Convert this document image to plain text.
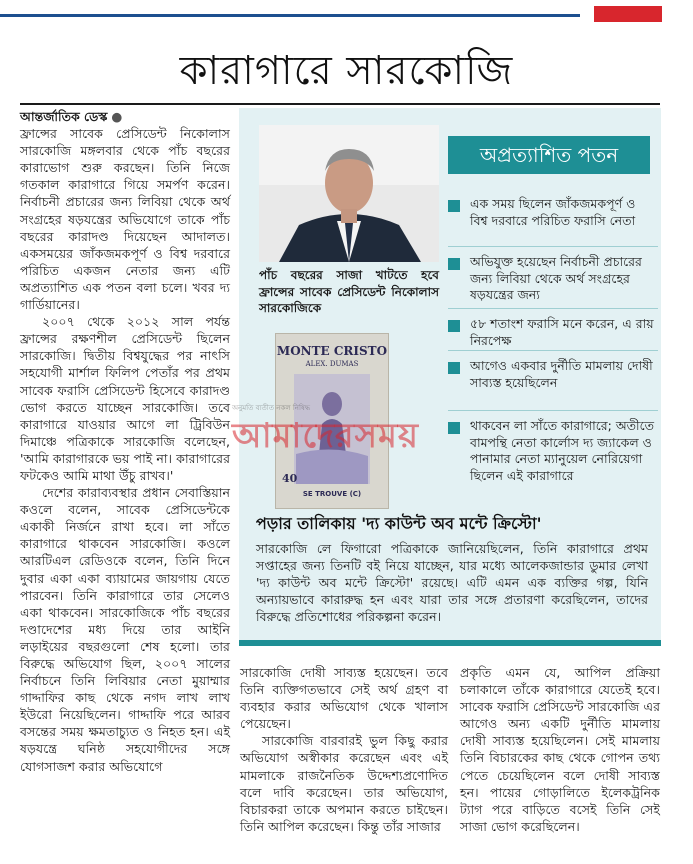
কারাগারে সারকোজি

আন্তর্জাতিক ডেস্ক ●

ফ্রান্সের সাবেক প্রেসিডেন্ট নিকোলাস সারকোজি মঙ্গলবার থেকে পাঁচ বছরের কারাভোগ শুরু করছেন। তিনি নিজে গতকাল কারাগারে গিয়ে সমর্পণ করেন। নির্বাচনী প্রচারের জন্য লিবিয়া থেকে অর্থ সংগ্রহের ষড়যন্ত্রের অভিযোগে তাকে পাঁচ বছরের কারাদণ্ড দিয়েছেন আদালত। একসময়ের জাঁকজমকপূর্ণ ও বিশ্ব দরবারে পরিচিত একজন নেতার জন্য এটি অপ্রত্যাশিত এক পতন বলা চলে। খবর দ্য গার্ডিয়ানের।

২০০৭ থেকে ২০১২ সাল পর্যন্ত ফ্রান্সের রক্ষণশীল প্রেসিডেন্ট ছিলেন সারকোজি। দ্বিতীয় বিশ্বযুদ্ধের পর নাৎসি সহযোগী মার্শাল ফিলিপ পেতাঁর পর প্রথম সাবেক ফরাসি প্রেসিডেন্ট হিসেবে কারাদণ্ড ভোগ করতে যাচ্ছেন সারকোজি। তবে কারাগারে যাওয়ার আগে লা ট্রিবিউন দিমাঞ্চে পত্রিকাকে সারকোজি বলেছেন, 'আমি কারাগারকে ভয় পাই না। কারাগারের ফটকেও আমি মাথা উঁচু রাখব।'

দেশের কারাব্যবস্থার প্রধান সেবাস্তিয়ান কওলে বলেন, সাবেক প্রেসিডেন্টকে একাকী নির্জনে রাখা হবে। লা সাঁতে কারাগারে থাকবেন সারকোজি। কওলে আরটিএল রেডিওকে বলেন, তিনি দিনে দুবার একা একা ব্যায়ামের জায়গায় যেতে পারবেন। তিনি কারাগারে তার সেলেও একা থাকবেন। সারকোজিকে পাঁচ বছরের দণ্ডাদেশের মধ্য দিয়ে তার আইনি লড়াইয়ের বছরগুলো শেষ হলো। তার বিরুদ্ধে অভিযোগ ছিল, ২০০৭ সালের নির্বাচনে তিনি লিবিয়ার নেতা মুয়াম্মার গাদ্দাফির কাছ থেকে নগদ লাখ লাখ ইউরো নিয়েছিলেন। গাদ্দাফি পরে আরব বসন্তের সময় ক্ষমতাচ্যুত ও নিহত হন। এই ষড়যন্ত্রে ঘনিষ্ঠ সহযোগীদের সঙ্গে যোগসাজশ করার অভিযোগে

পাঁচ বছরের সাজা খাটতে হবে ফ্রান্সের সাবেক প্রেসিডেন্ট নিকোলাস সারকোজিকে
MONTE CRISTO
ALEX. DUMAS
40
SE TROUVE (C)
অনুমতি ব্যতীত নকল নিষিদ্ধ
আমাদেরসময়
অপ্রত্যাশিত পতন
এক সময় ছিলেন জাঁকজমকপূর্ণ ও বিশ্ব দরবারে পরিচিত ফরাসি নেতা
অভিযুক্ত হয়েছেন নির্বাচনী প্রচারের জন্য লিবিয়া থেকে অর্থ সংগ্রহের ষড়যন্ত্রের জন্য
৫৮ শতাংশ ফরাসি মনে করেন, এ রায় নিরপেক্ষ
আগেও একবার দুর্নীতি মামলায় দোষী সাব্যস্ত হয়েছিলেন
থাকবেন লা সাঁতে কারাগারে; অতীতে বামপন্থি নেতা কার্লোস দ্য জ্যাকেল ও পানামার নেতা ম্যানুয়েল নোরিয়েগা ছিলেন এই কারাগারে
পড়ার তালিকায় 'দ্য কাউন্ট অব মন্টে ক্রিস্টো'
সারকোজি লে ফিগারো পত্রিকাকে জানিয়েছিলেন, তিনি কারাগারে প্রথম সপ্তাহের জন্য তিনটি বই নিয়ে যাচ্ছেন, যার মধ্যে আলেকজান্ডার ডুমার লেখা 'দ্য কাউন্ট অব মন্টে ক্রিস্টো' রয়েছে। এটি এমন এক ব্যক্তির গল্প, যিনি অন্যায়ভাবে কারারুদ্ধ হন এবং যারা তার সঙ্গে প্রতারণা করেছিলেন, তাদের বিরুদ্ধে প্রতিশোধের পরিকল্পনা করেন।

সারকোজি দোষী সাব্যস্ত হয়েছেন। তবে তিনি ব্যক্তিগতভাবে সেই অর্থ গ্রহণ বা ব্যবহার করার অভিযোগ থেকে খালাস পেয়েছেন।

সারকোজি বারবারই ভুল কিছু করার অভিযোগ অস্বীকার করেছেন এবং এই মামলাকে রাজনৈতিক উদ্দেশ্যপ্রণোদিত বলে দাবি করেছেন। তার অভিযোগ, বিচারকরা তাকে অপমান করতে চাইছেন। তিনি আপিল করেছেন। কিন্তু তাঁর সাজার

প্রকৃতি এমন যে, আপিল প্রক্রিয়া চলাকালে তাঁকে কারাগারে যেতেই হবে। সাবেক ফরাসি প্রেসিডেন্ট সারকোজি এর আগেও অন্য একটি দুর্নীতি মামলায় দোষী সাব্যস্ত হয়েছিলেন। সেই মামলায় তিনি বিচারকের কাছ থেকে গোপন তথ্য পেতে চেয়েছিলেন বলে দোষী সাব্যস্ত হন। পায়ের গোড়ালিতে ইলেকট্রনিক ট্যাগ পরে বাড়িতে বসেই তিনি সেই সাজা ভোগ করেছিলেন।
